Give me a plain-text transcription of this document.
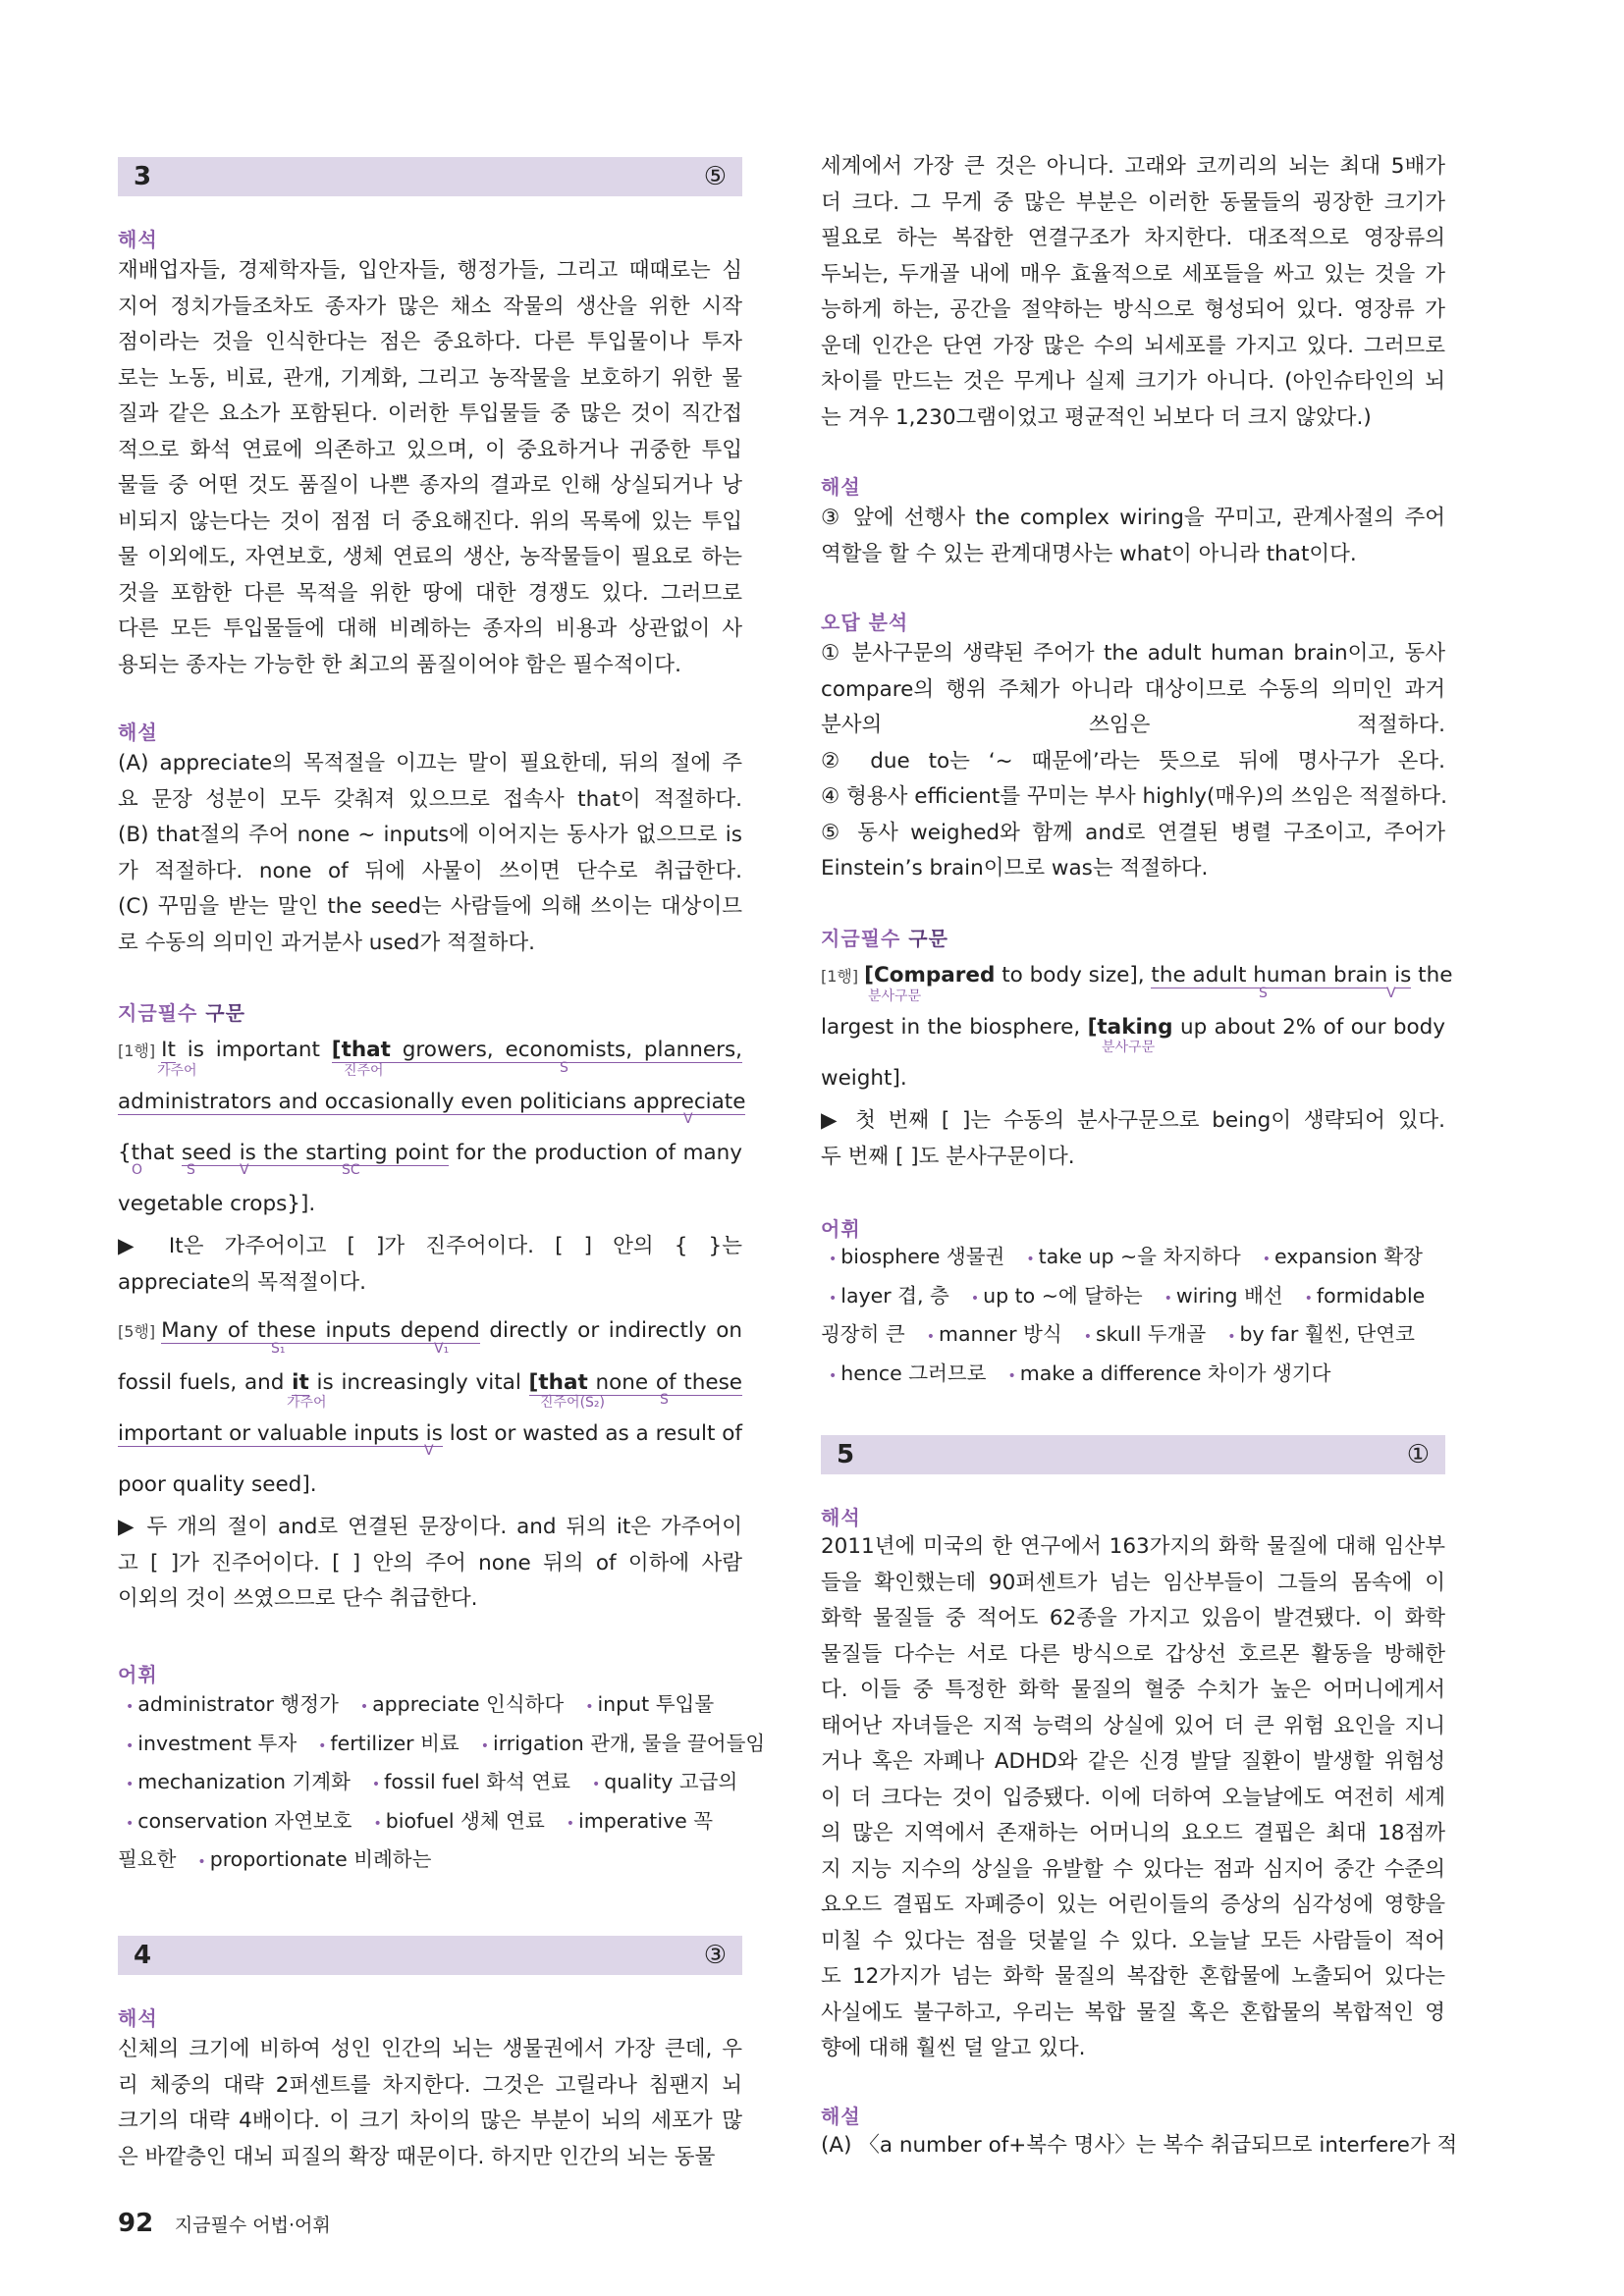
3	⑤
해석
재배업자들, 경제학자들, 입안자들, 행정가들, 그리고 때때로는 심
지어 정치가들조차도 종자가 많은 채소 작물의 생산을 위한 시작
점이라는 것을 인식한다는 점은 중요하다. 다른 투입물이나 투자
로는 노동, 비료, 관개, 기계화, 그리고 농작물을 보호하기 위한 물
질과 같은 요소가 포함된다. 이러한 투입물들 중 많은 것이 직간접
적으로 화석 연료에 의존하고 있으며, 이 중요하거나 귀중한 투입
물들 중 어떤 것도 품질이 나쁜 종자의 결과로 인해 상실되거나 낭
비되지 않는다는 것이 점점 더 중요해진다. 위의 목록에 있는 투입
물 이외에도, 자연보호, 생체 연료의 생산, 농작물들이 필요로 하는
것을 포함한 다른 목적을 위한 땅에 대한 경쟁도 있다. 그러므로
다른 모든 투입물들에 대해 비례하는 종자의 비용과 상관없이 사
용되는 종자는 가능한 한 최고의 품질이어야 함은 필수적이다.
해설
(A) appreciate의 목적절을 이끄는 말이 필요한데, 뒤의 절에 주
요 문장 성분이 모두 갖춰져 있으므로 접속사 that이 적절하다.
(B) that절의 주어 none ~ inputs에 이어지는 동사가 없으므로 is
가 적절하다. none of 뒤에 사물이 쓰이면 단수로 취급한다.
(C) 꾸밈을 받는 말인 the seed는 사람들에 의해 쓰이는 대상이므
로 수동의 의미인 과거분사 used가 적절하다.
지금필수 구문
[1행] It is important [that growers, economists, planners,
administrators and occasionally even politicians appreciate
{that seed is the starting point for the production of many
vegetable crops}].
가주어	진주어	S
V
O	S	V	SC
▶ It은 가주어이고 [ ]가 진주어이다. [ ] 안의 { }는
appreciate의 목적절이다.
[5행] Many of these inputs depend directly or indirectly on
fossil fuels, and it is increasingly vital [that none of these
important or valuable inputs is lost or wasted as a result of
poor quality seed].
S₁	V₁
가주어	진주어(S₂)	S
V
▶ 두 개의 절이 and로 연결된 문장이다. and 뒤의 it은 가주어이
고 [ ]가 진주어이다. [ ] 안의 주어 none 뒤의 of 이하에 사람
이외의 것이 쓰였으므로 단수 취급한다.
어휘
• administrator 행정가 • appreciate 인식하다 • input 투입물
• investment 투자 • fertilizer 비료 • irrigation 관개, 물을 끌어들임
• mechanization 기계화 • fossil fuel 화석 연료 • quality 고급의
• conservation 자연보호 • biofuel 생체 연료 • imperative 꼭
필요한 • proportionate 비례하는
4	③
해석
신체의 크기에 비하여 성인 인간의 뇌는 생물권에서 가장 큰데, 우
리 체중의 대략 2퍼센트를 차지한다. 그것은 고릴라나 침팬지 뇌
크기의 대략 4배이다. 이 크기 차이의 많은 부분이 뇌의 세포가 많
은 바깥층인 대뇌 피질의 확장 때문이다. 하지만 인간의 뇌는 동물
세계에서 가장 큰 것은 아니다. 고래와 코끼리의 뇌는 최대 5배가
더 크다. 그 무게 중 많은 부분은 이러한 동물들의 굉장한 크기가
필요로 하는 복잡한 연결구조가 차지한다. 대조적으로 영장류의
두뇌는, 두개골 내에 매우 효율적으로 세포들을 싸고 있는 것을 가
능하게 하는, 공간을 절약하는 방식으로 형성되어 있다. 영장류 가
운데 인간은 단연 가장 많은 수의 뇌세포를 가지고 있다. 그러므로
차이를 만드는 것은 무게나 실제 크기가 아니다. (아인슈타인의 뇌
는 겨우 1,230그램이었고 평균적인 뇌보다 더 크지 않았다.)
해설
③ 앞에 선행사 the complex wiring을 꾸미고, 관계사절의 주어
역할을 할 수 있는 관계대명사는 what이 아니라 that이다.
오답 분석
① 분사구문의 생략된 주어가 the adult human brain이고, 동사
compare의 행위 주체가 아니라 대상이므로 수동의 의미인 과거
분사의 쓰임은 적절하다.
② due to는 ‘~ 때문에’라는 뜻으로 뒤에 명사구가 온다.
④ 형용사 efficient를 꾸미는 부사 highly(매우)의 쓰임은 적절하다.
⑤ 동사 weighed와 함께 and로 연결된 병렬 구조이고, 주어가
Einstein’s brain이므로 was는 적절하다.
지금필수 구문
[1행] [Compared to body size], the adult human brain is the
largest in the biosphere, [taking up about 2% of our body
weight].
분사구문	S	V
분사구문
▶ 첫 번째 [ ]는 수동의 분사구문으로 being이 생략되어 있다.
두 번째 [ ]도 분사구문이다.
어휘
• biosphere 생물권 • take up ~을 차지하다 • expansion 확장
• layer 겹, 층 • up to ~에 달하는 • wiring 배선 • formidable
굉장히 큰 • manner 방식 • skull 두개골 • by far 훨씬, 단연코
• hence 그러므로 • make a difference 차이가 생기다
5	①
해석
2011년에 미국의 한 연구에서 163가지의 화학 물질에 대해 임산부
들을 확인했는데 90퍼센트가 넘는 임산부들이 그들의 몸속에 이
화학 물질들 중 적어도 62종을 가지고 있음이 발견됐다. 이 화학
물질들 다수는 서로 다른 방식으로 갑상선 호르몬 활동을 방해한
다. 이들 중 특정한 화학 물질의 혈중 수치가 높은 어머니에게서
태어난 자녀들은 지적 능력의 상실에 있어 더 큰 위험 요인을 지니
거나 혹은 자폐나 ADHD와 같은 신경 발달 질환이 발생할 위험성
이 더 크다는 것이 입증됐다. 이에 더하여 오늘날에도 여전히 세계
의 많은 지역에서 존재하는 어머니의 요오드 결핍은 최대 18점까
지 지능 지수의 상실을 유발할 수 있다는 점과 심지어 중간 수준의
요오드 결핍도 자폐증이 있는 어린이들의 증상의 심각성에 영향을
미칠 수 있다는 점을 덧붙일 수 있다. 오늘날 모든 사람들이 적어
도 12가지가 넘는 화학 물질의 복잡한 혼합물에 노출되어 있다는
사실에도 불구하고, 우리는 복합 물질 혹은 혼합물의 복합적인 영
향에 대해 훨씬 덜 알고 있다.
해설
(A) 〈a number of+복수 명사〉는 복수 취급되므로 interfere가 적
92 지금필수 어법·어휘
